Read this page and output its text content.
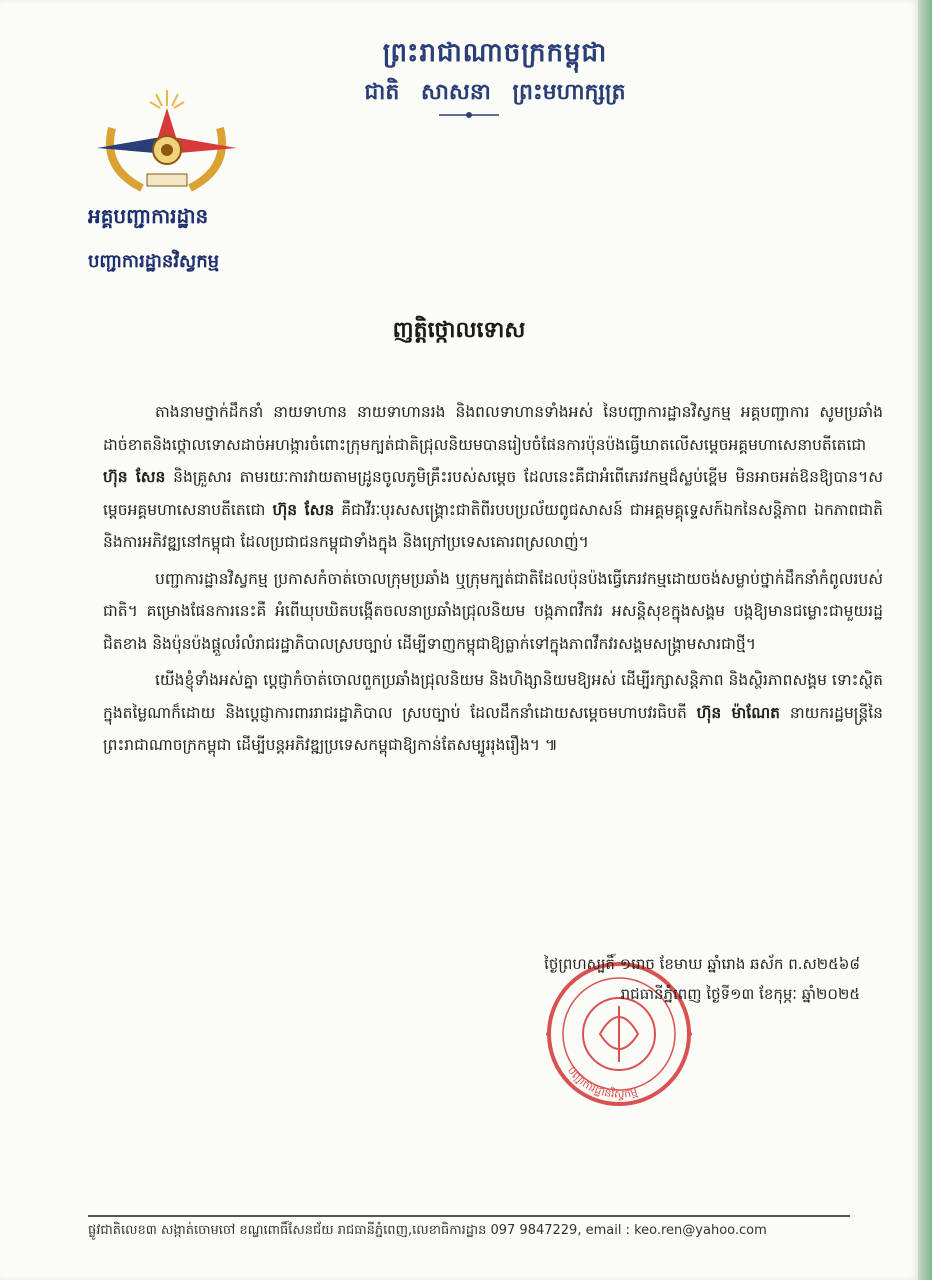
ព្រះរាជាណាចក្រកម្ពុជា
ជាតិ សាសនា ព្រះមហាក្សត្រ
អគ្គបញ្ជាការដ្ឋាន
បញ្ជាការដ្ឋានវិស្វកម្ម
ញត្តិថ្កោលទោស

តាងនាមថ្នាក់ដឹកនាំ នាយទាហាន នាយទាហានរង និងពលទាហានទាំងអស់ នៃបញ្ជាការដ្ឋានវិស្វកម្ម អគ្គបញ្ជាការ សូមប្រឆាំងដាច់ខាតនិងថ្កោលទោសដាច់អហង្ការចំពោះក្រុមក្បត់ជាតិជ្រុលនិយមបានរៀបចំផែនការប៉ុនប៉ងធ្វើឃាតលើសម្តេចអគ្គមហាសេនាបតីតេជោ ហ៊ុន សែន និងគ្រួសារ តាមរយៈការវាយតាមដ្រូនចូលភូមិគ្រឹះរបស់សម្តេច ដែលនេះគឺជាអំពើភេរវកម្មដ៏ស្លប់ខ្ពើម មិនអាចអត់ឱនឱ្យបាន។សម្តេចអគ្គមហាសេនាបតីតេជោ ហ៊ុន សែន គឺជាវីរៈបុរសសង្គ្រោះជាតិពីរបបប្រល័យពូជសាសន៍ ជាអគ្គមគ្គុទ្ទេសក៍ឯកនៃសន្តិភាព ឯកភាពជាតិ និងការអភិវឌ្ឍនៅកម្ពុជា ដែលប្រជាជនកម្ពុជាទាំងក្នុង និងក្រៅប្រទេសគោរពស្រលាញ់។

បញ្ជាការដ្ឋានវិស្វកម្ម ប្រកាសកំចាត់ចោលក្រុមប្រឆាំង ឬក្រុមក្បត់ជាតិដែលប៉ុនប៉ងធ្វើភេរវកម្មដោយចង់សម្លាប់ថ្នាក់ដឹកនាំកំពូលរបស់ជាតិ។ គម្រោងផែនការនេះគឺ អំពើឃុបឃិតបង្កើតចលនាប្រឆាំងជ្រុលនិយម បង្កភាពវឹកវរ អសន្តិសុខក្នុងសង្គម បង្កឱ្យមានជម្លោះជាមួយរដ្ឋជិតខាង និងប៉ុនប៉ងផ្តួលរំលំរាជរដ្ឋាភិបាលស្របច្បាប់ ដើម្បីទាញកម្ពុជាឱ្យធ្លាក់ទៅក្នុងភាពវឹកវរសង្គមសង្គ្រាមសារជាថ្មី។

យើងខ្ញុំទាំងអស់គ្នា ប្តេជ្ញាកំចាត់ចោលពួកប្រឆាំងជ្រុលនិយម និងហិង្សានិយមឱ្យអស់ ដើម្បីរក្សាសន្តិភាព និងស្ថិរភាពសង្គម ទោះស្ថិតក្នុងតម្លៃណាក៏ដោយ និងប្តេជ្ញាការពាររាជរដ្ឋាភិបាល ស្របច្បាប់ ដែលដឹកនាំដោយសម្តេចមហាបវរធិបតី ហ៊ុន ម៉ាណែត នាយករដ្ឋមន្ត្រីនៃព្រះរាជាណាចក្រកម្ពុជា ដើម្បីបន្តអភិវឌ្ឍប្រទេសកម្ពុជាឱ្យកាន់តែសម្បូររុងរឿង។ ៕

បញ្ជាការដ្ឋានវិស្វកម្ម
ថ្ងៃព្រហស្បតិ៍ ១រោច ខែមាឃ ឆ្នាំរោង ឆស័ក ព.ស២៥៦៨
រាជធានីភ្នំពេញ ថ្ងៃទី១៣ ខែកុម្ភៈ ឆ្នាំ២០២៥
ផ្លូវជាតិលេខ៣ សង្កាត់ចោមចៅ ខណ្ឌពោធិ៍សែនជ័យ រាជធានីភ្នំពេញ,លេខាធិការដ្ឋាន 097 9847229, email : keo.ren@yahoo.com
